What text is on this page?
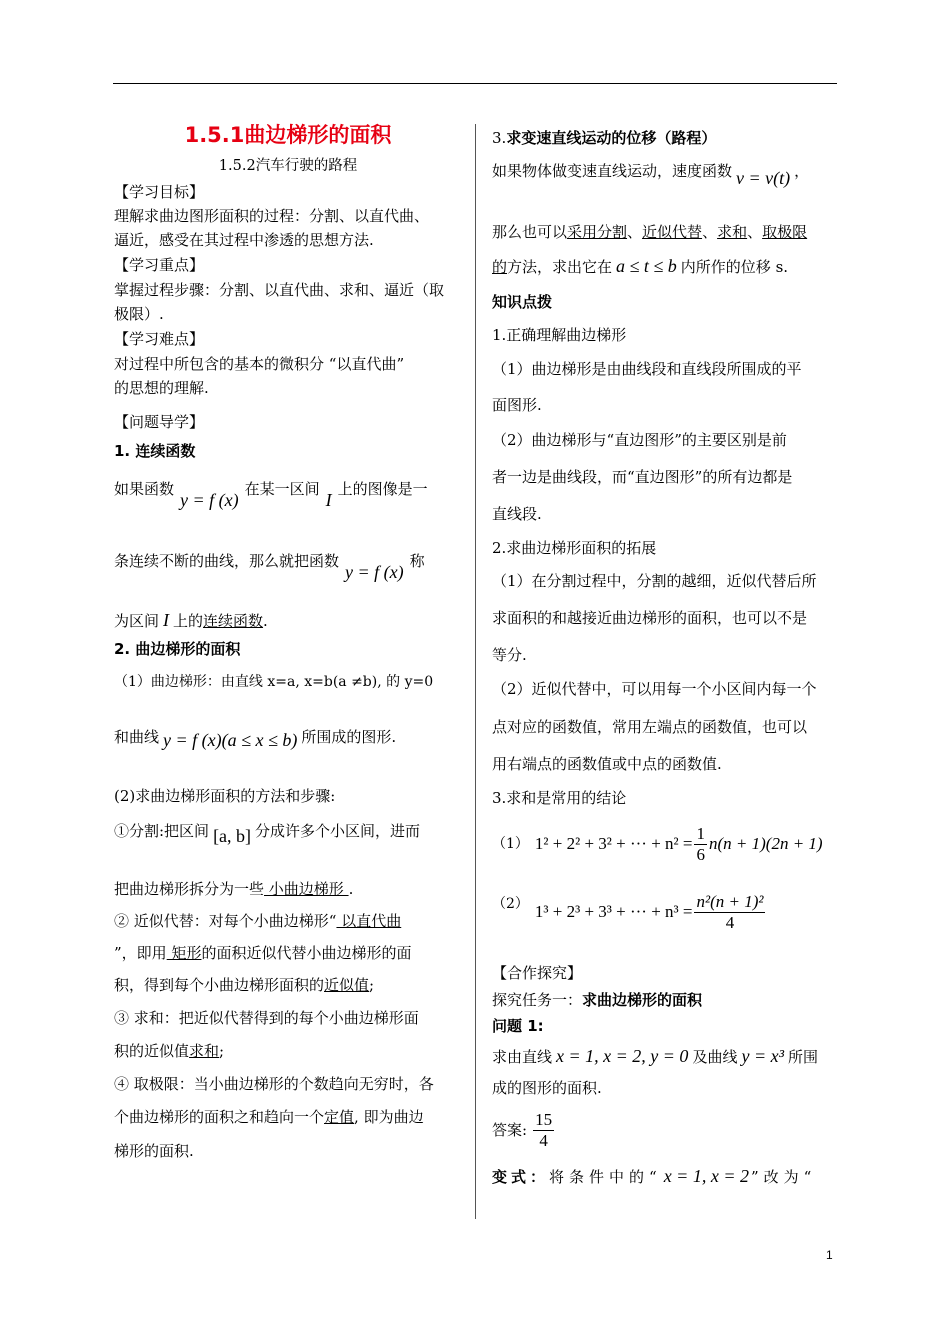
1.5.1曲边梯形的面积
1.5.2汽车行驶的路程
【学习目标】
理解求曲边图形面积的过程：分割、以直代曲、
逼近，感受在其过程中渗透的思想方法.
【学习重点】
掌握过程步骤：分割、以直代曲、求和、逼近（取
极限）.
【学习难点】
对过程中所包含的基本的微积分 “以直代曲”
的思想的理解.
【问题导学】
1. 连续函数
如果函数y = f (x)在某一区间I上的图像是一
条连续不断的曲线，那么就把函数y = f (x)称
为区间 I 上的连续函数.
2. 曲边梯形的面积
（1）曲边梯形：由直线 x=a, x=b(a ≠b), 的 y=0
和曲线 y = f (x)(a ≤ x ≤ b) 所围成的图形.
(2)求曲边梯形面积的方法和步骤:
①分割:把区间 [a, b] 分成许多个小区间，进而
把曲边梯形拆分为一些 小曲边梯形 .
② 近似代替：对每个小曲边梯形“ 以直代曲
”，即用 矩形的面积近似代替小曲边梯形的面
积，得到每个小曲边梯形面积的近似值;
③ 求和：把近似代替得到的每个小曲边梯形面
积的近似值求和;
④ 取极限：当小曲边梯形的个数趋向无穷时，各
个曲边梯形的面积之和趋向一个定值, 即为曲边
梯形的面积.
3.求变速直线运动的位移（路程）
如果物体做变速直线运动，速度函数 v = v(t) ，
那么也可以采用分割、近似代替、求和、取极限
的方法，求出它在 a ≤ t ≤ b 内所作的位移 s.
知识点拨
1.正确理解曲边梯形
（1）曲边梯形是由曲线段和直线段所围成的平
面图形.
（2）曲边梯形与“直边图形”的主要区别是前
者一边是曲线段，而“直边图形”的所有边都是
直线段.
2.求曲边梯形面积的拓展
（1）在分割过程中，分割的越细，近似代替后所
求面积的和越接近曲边梯形的面积，也可以不是
等分.
（2）近似代替中，可以用每一个小区间内每一个
点对应的函数值，常用左端点的函数值，也可以
用右端点的函数值或中点的函数值.
3.求和是常用的结论
（1） 1² + 2² + 3² + ··· + $n^2 = \frac{1}{6} n(n + 1)(2n + 1)$
（2） 1³ + 2³ + 3³ + ··· + $n^3 = \frac{\text{n²(n + 1)²}}{4}$
【合作探究】
探究任务一：求曲边梯形的面积
问题 1:
求由直线 x = 1, x = 2, y = 0 及曲线 y = x³ 所围
成的图形的面积.
答案: $\frac{15}{4}$
变式：将条件中的“ x = 1, x = 2 ”改为“
1
